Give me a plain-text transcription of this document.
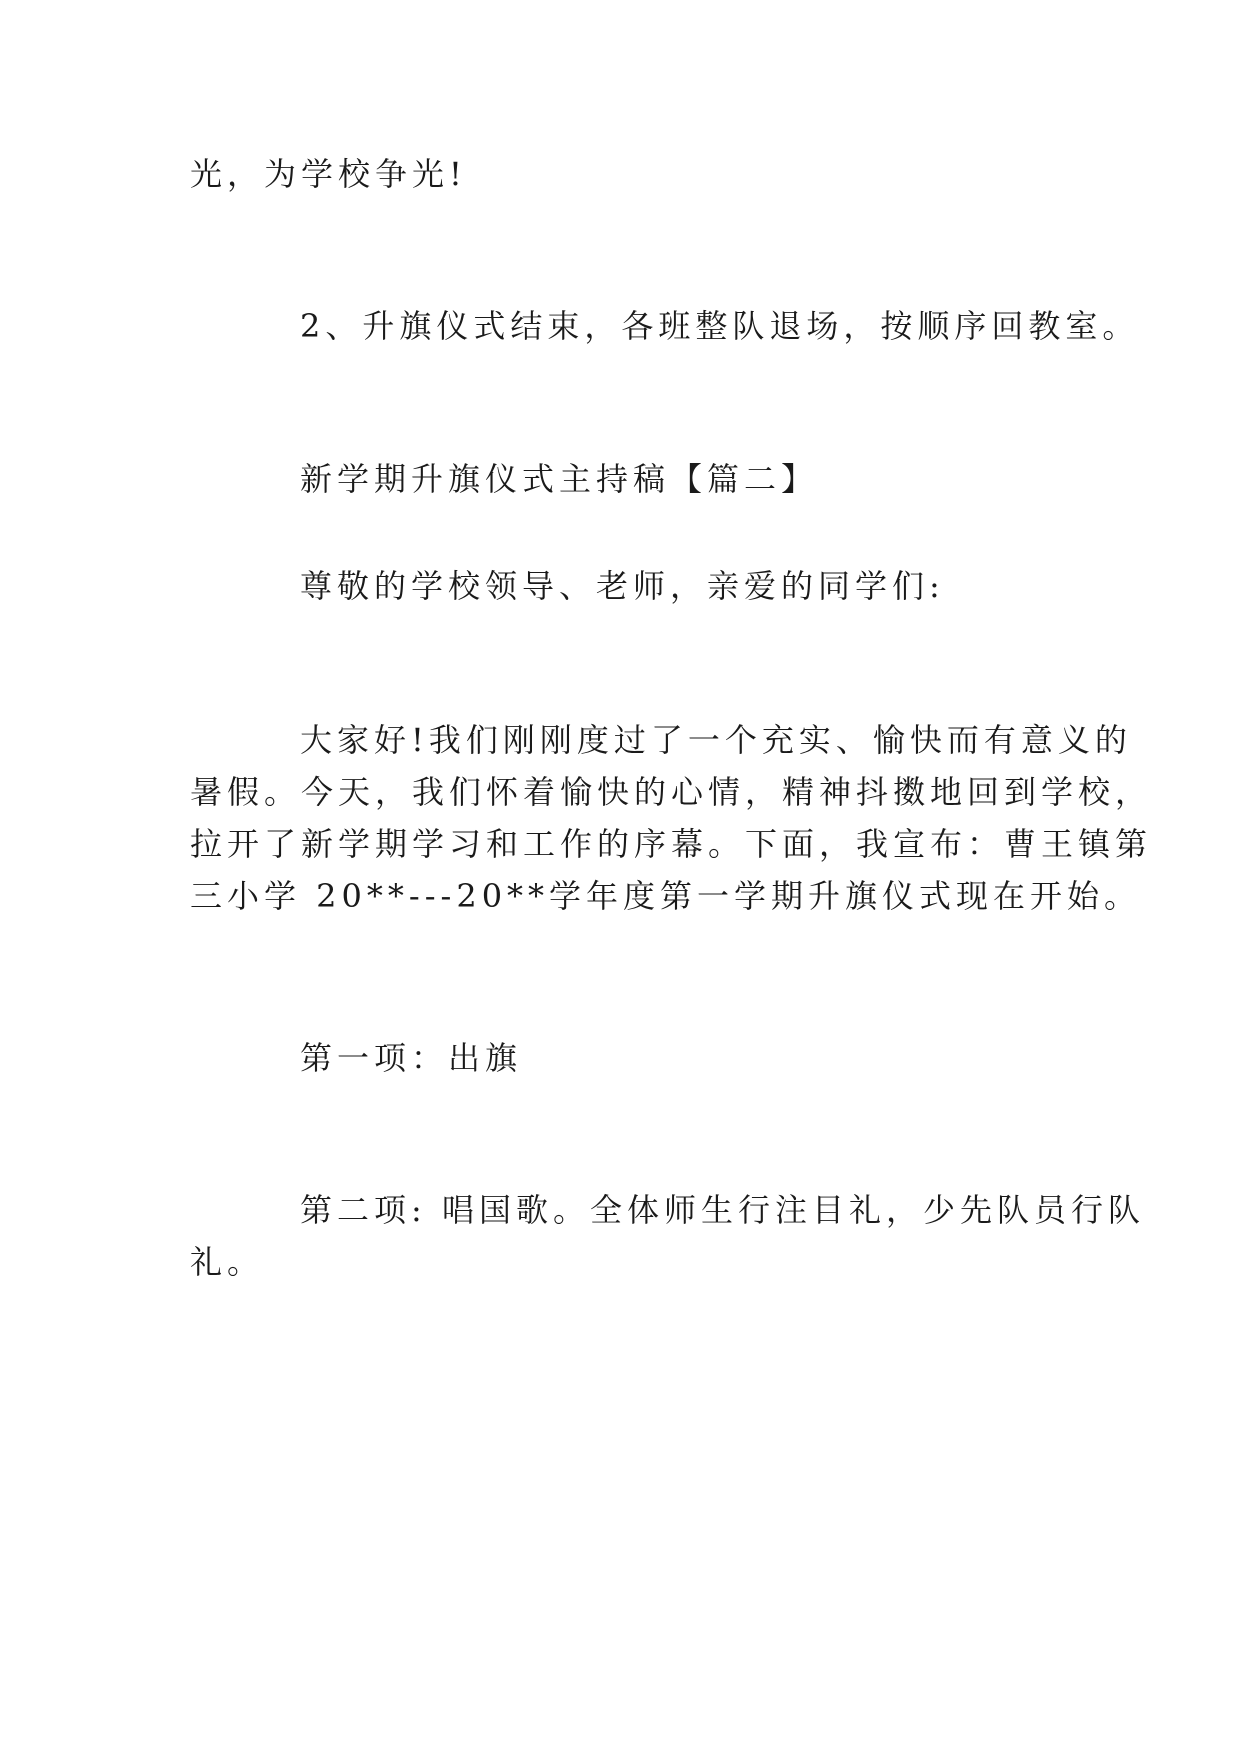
光，为学校争光!

2、升旗仪式结束，各班整队退场，按顺序回教室。

新学期升旗仪式主持稿【篇二】

尊敬的学校领导、老师，亲爱的同学们:

大家好!我们刚刚度过了一个充实、愉快而有意义的
暑假。今天，我们怀着愉快的心情，精神抖擞地回到学校，
拉开了新学期学习和工作的序幕。下面，我宣布：曹王镇第
三小学 20**---20**学年度第一学期升旗仪式现在开始。

第一项：出旗

第二项: 唱国歌。全体师生行注目礼，少先队员行队
礼。
